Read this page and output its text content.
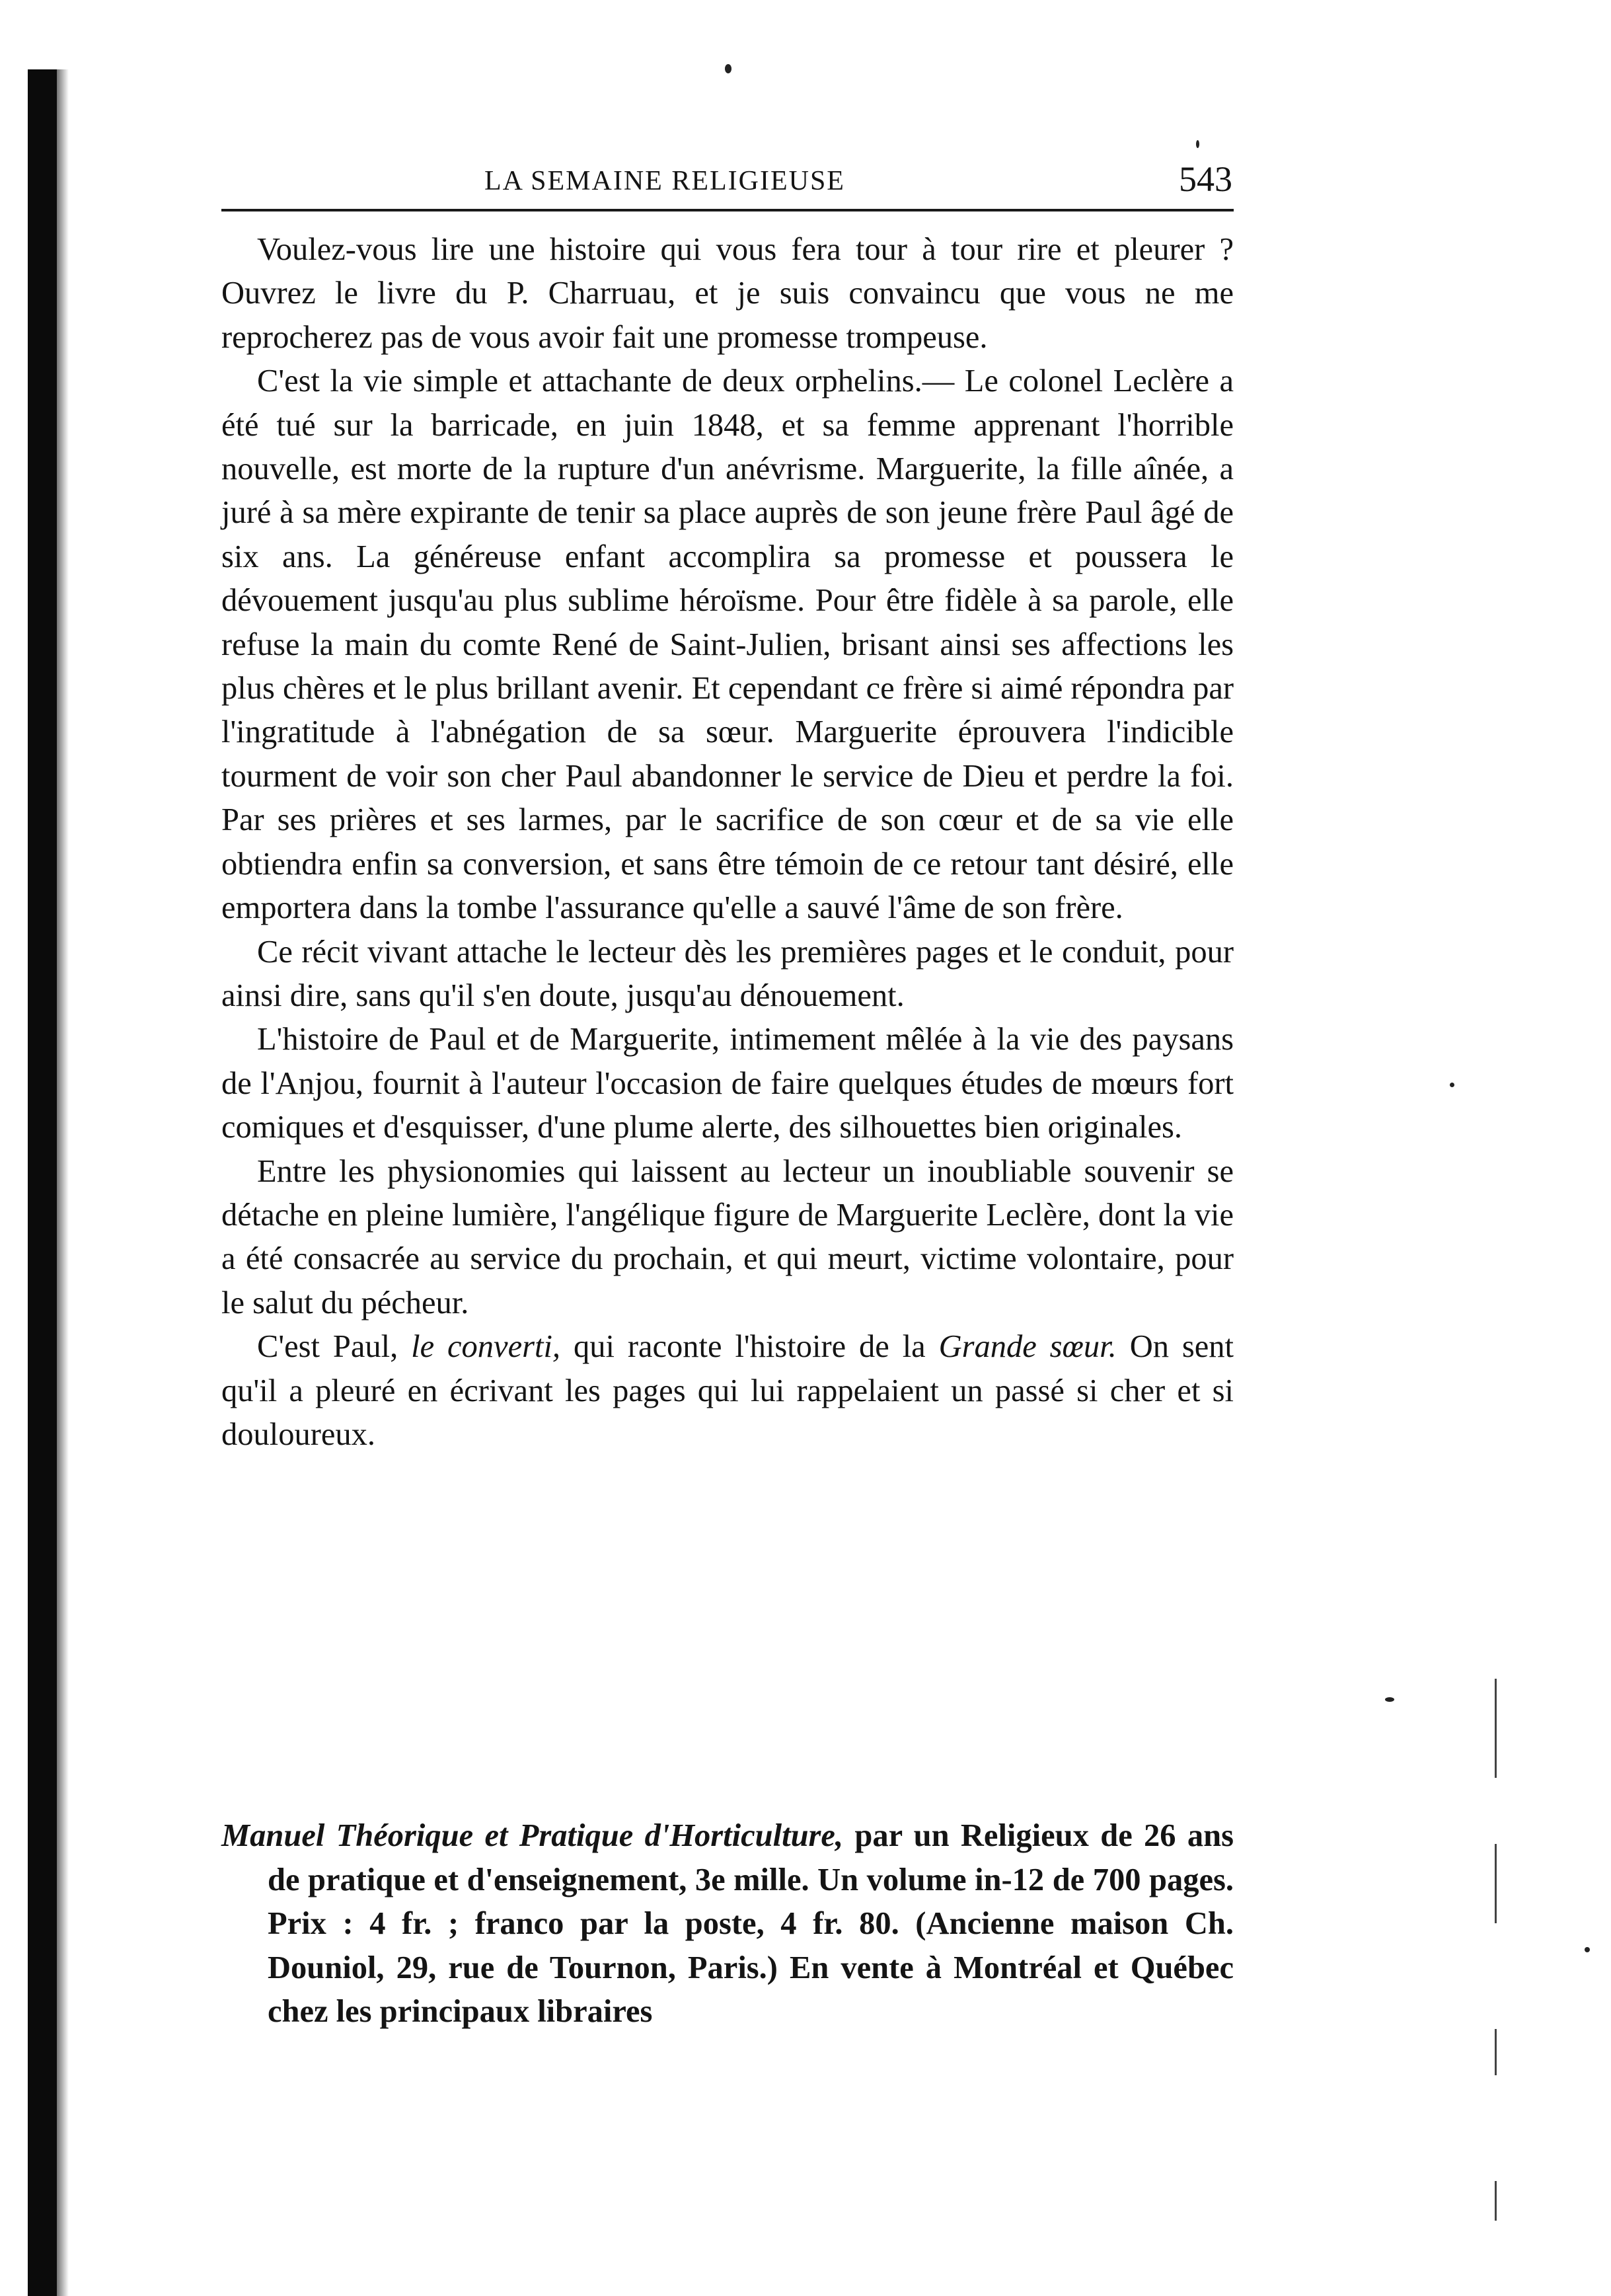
LA SEMAINE RELIGIEUSE	543

Voulez-vous lire une histoire qui vous fera tour à tour rire et pleurer ? Ouvrez le livre du P. Charruau, et je suis convaincu que vous ne me reprocherez pas de vous avoir fait une promesse trompeuse.

C'est la vie simple et attachante de deux orphelins.— Le colonel Leclère a été tué sur la barricade, en juin 1848, et sa femme apprenant l'horrible nouvelle, est morte de la rupture d'un anévrisme. Marguerite, la fille aînée, a juré à sa mère expirante de tenir sa place auprès de son jeune frère Paul âgé de six ans. La généreuse enfant accomplira sa promesse et poussera le dévouement jusqu'au plus sublime héroïsme. Pour être fidèle à sa parole, elle refuse la main du comte René de Saint-Julien, brisant ainsi ses affections les plus chères et le plus brillant avenir. Et cependant ce frère si aimé répondra par l'ingratitude à l'abnégation de sa sœur. Marguerite éprouvera l'indicible tourment de voir son cher Paul abandonner le service de Dieu et perdre la foi. Par ses prières et ses larmes, par le sacrifice de son cœur et de sa vie elle obtiendra enfin sa conversion, et sans être témoin de ce retour tant désiré, elle emportera dans la tombe l'assurance qu'elle a sauvé l'âme de son frère.

Ce récit vivant attache le lecteur dès les premières pages et le conduit, pour ainsi dire, sans qu'il s'en doute, jusqu'au dénouement.

L'histoire de Paul et de Marguerite, intimement mêlée à la vie des paysans de l'Anjou, fournit à l'auteur l'occasion de faire quelques études de mœurs fort comiques et d'esquisser, d'une plume alerte, des silhouettes bien originales.

Entre les physionomies qui laissent au lecteur un inoubliable souvenir se détache en pleine lumière, l'angélique figure de Marguerite Leclère, dont la vie a été consacrée au service du prochain, et qui meurt, victime volontaire, pour le salut du pécheur.

C'est Paul, le converti, qui raconte l'histoire de la Grande sœur. On sent qu'il a pleuré en écrivant les pages qui lui rappelaient un passé si cher et si douloureux.

Manuel Théorique et Pratique d'Horticulture, par un Religieux de 26 ans de pratique et d'enseignement, 3e mille. Un volume in-12 de 700 pages. Prix : 4 fr. ; franco par la poste, 4 fr. 80. (Ancienne maison Ch. Douniol, 29, rue de Tournon, Paris.) En vente à Montréal et Québec chez les principaux libraires
